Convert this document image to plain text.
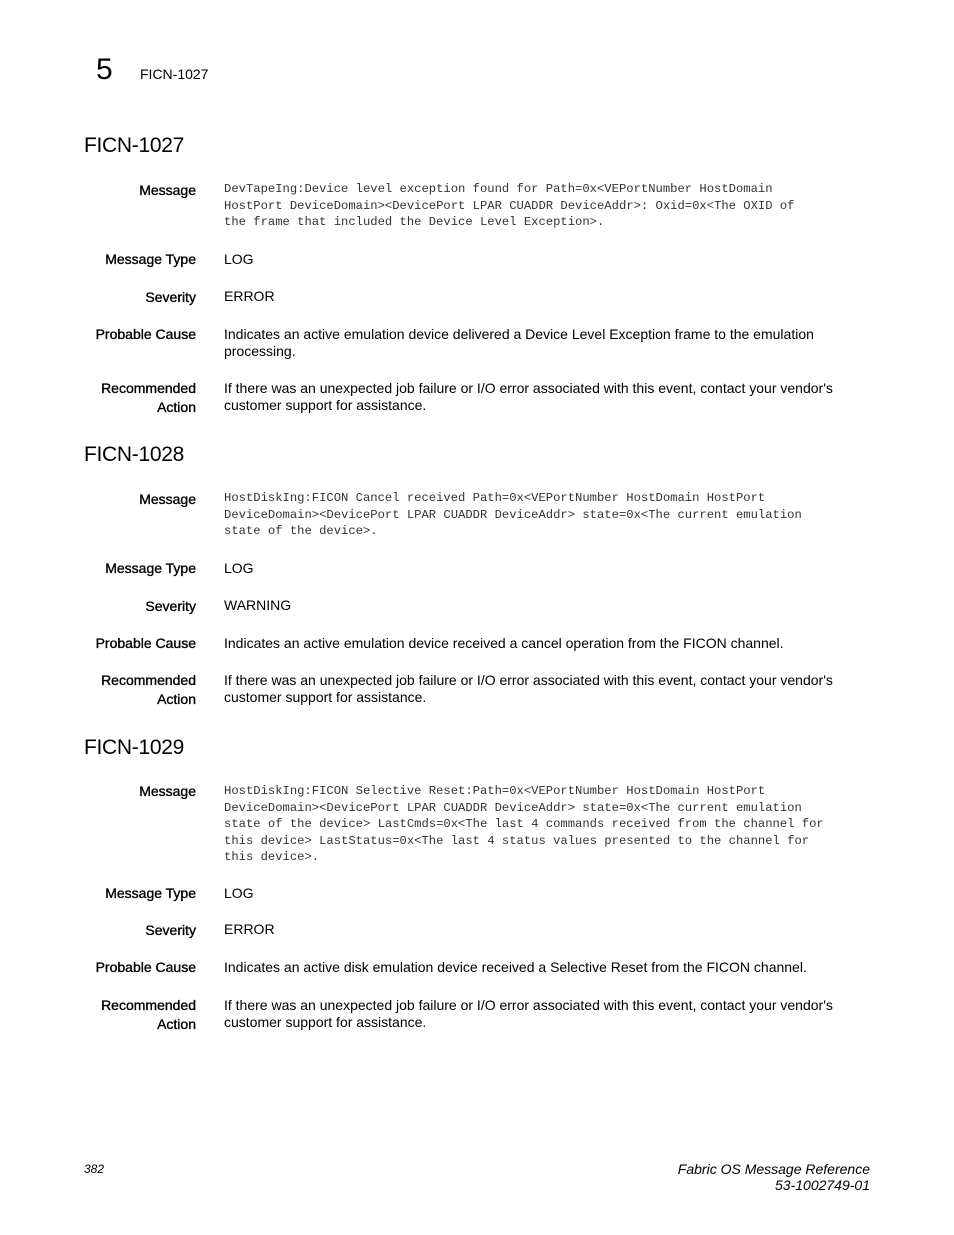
5 FICN-1027
FICN-1027
Message DevTapeIng:Device level exception found for Path=0x<VEPortNumber HostDomain
HostPort DeviceDomain><DevicePort LPAR CUADDR DeviceAddr>: Oxid=0x<The OXID of
the frame that included the Device Level Exception>.
Message Type LOG
Severity ERROR
Probable Cause Indicates an active emulation device delivered a Device Level Exception frame to the emulation processing.
Recommended
Action
If there was an unexpected job failure or I/O error associated with this event, contact your vendor's customer support for assistance.
FICN-1028
Message HostDiskIng:FICON Cancel received Path=0x<VEPortNumber HostDomain HostPort
DeviceDomain><DevicePort LPAR CUADDR DeviceAddr> state=0x<The current emulation
state of the device>.
Message Type LOG
Severity WARNING
Probable Cause Indicates an active emulation device received a cancel operation from the FICON channel.
Recommended
Action
If there was an unexpected job failure or I/O error associated with this event, contact your vendor's customer support for assistance.
FICN-1029
Message HostDiskIng:FICON Selective Reset:Path=0x<VEPortNumber HostDomain HostPort
DeviceDomain><DevicePort LPAR CUADDR DeviceAddr> state=0x<The current emulation
state of the device> LastCmds=0x<The last 4 commands received from the channel for
this device> LastStatus=0x<The last 4 status values presented to the channel for
this device>.
Message Type LOG
Severity ERROR
Probable Cause Indicates an active disk emulation device received a Selective Reset from the FICON channel.
Recommended
Action
If there was an unexpected job failure or I/O error associated with this event, contact your vendor's customer support for assistance.
382	Fabric OS Message Reference
53-1002749-01
